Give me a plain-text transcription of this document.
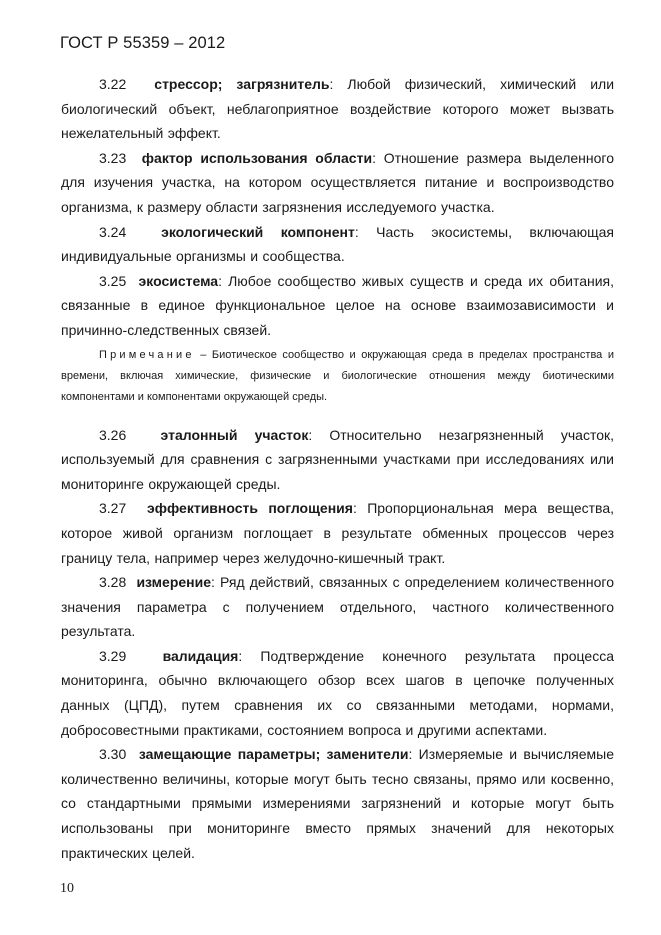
ГОСТ Р 55359 – 2012

3.22 стрессор; загрязнитель: Любой физический, химический или биологический объект, неблагоприятное воздействие которого может вызвать нежелательный эффект.

3.23 фактор использования области: Отношение размера выделенного для изучения участка, на котором осуществляется питание и воспроизводство организма, к размеру области загрязнения исследуемого участка.

3.24 экологический компонент: Часть экосистемы, включающая индивидуальные организмы и сообщества.

3.25 экосистема: Любое сообщество живых существ и среда их обитания, связанные в единое функциональное целое на основе взаимозависимости и причинно-следственных связей.

Примечание – Биотическое сообщество и окружающая среда в пределах пространства и времени, включая химические, физические и биологические отношения между биотическими компонентами и компонентами окружающей среды.

3.26 эталонный участок: Относительно незагрязненный участок, используемый для сравнения с загрязненными участками при исследованиях или мониторинге окружающей среды.

3.27 эффективность поглощения: Пропорциональная мера вещества, которое живой организм поглощает в результате обменных процессов через границу тела, например через желудочно-кишечный тракт.

3.28 измерение: Ряд действий, связанных с определением количественного значения параметра с получением отдельного, частного количественного результата.

3.29	валидация: Подтверждение конечного результата процесса мониторинга, обычно включающего обзор всех шагов в цепочке полученных данных (ЦПД), путем сравнения их со связанными методами, нормами, добросовестными практиками, состоянием вопроса и другими аспектами.

3.30 замещающие параметры; заменители: Измеряемые и вычисляемые количественно величины, которые могут быть тесно связаны, прямо или косвенно, со стандартными прямыми измерениями загрязнений и которые могут быть использованы при мониторинге вместо прямых значений для некоторых практических целей.

10
